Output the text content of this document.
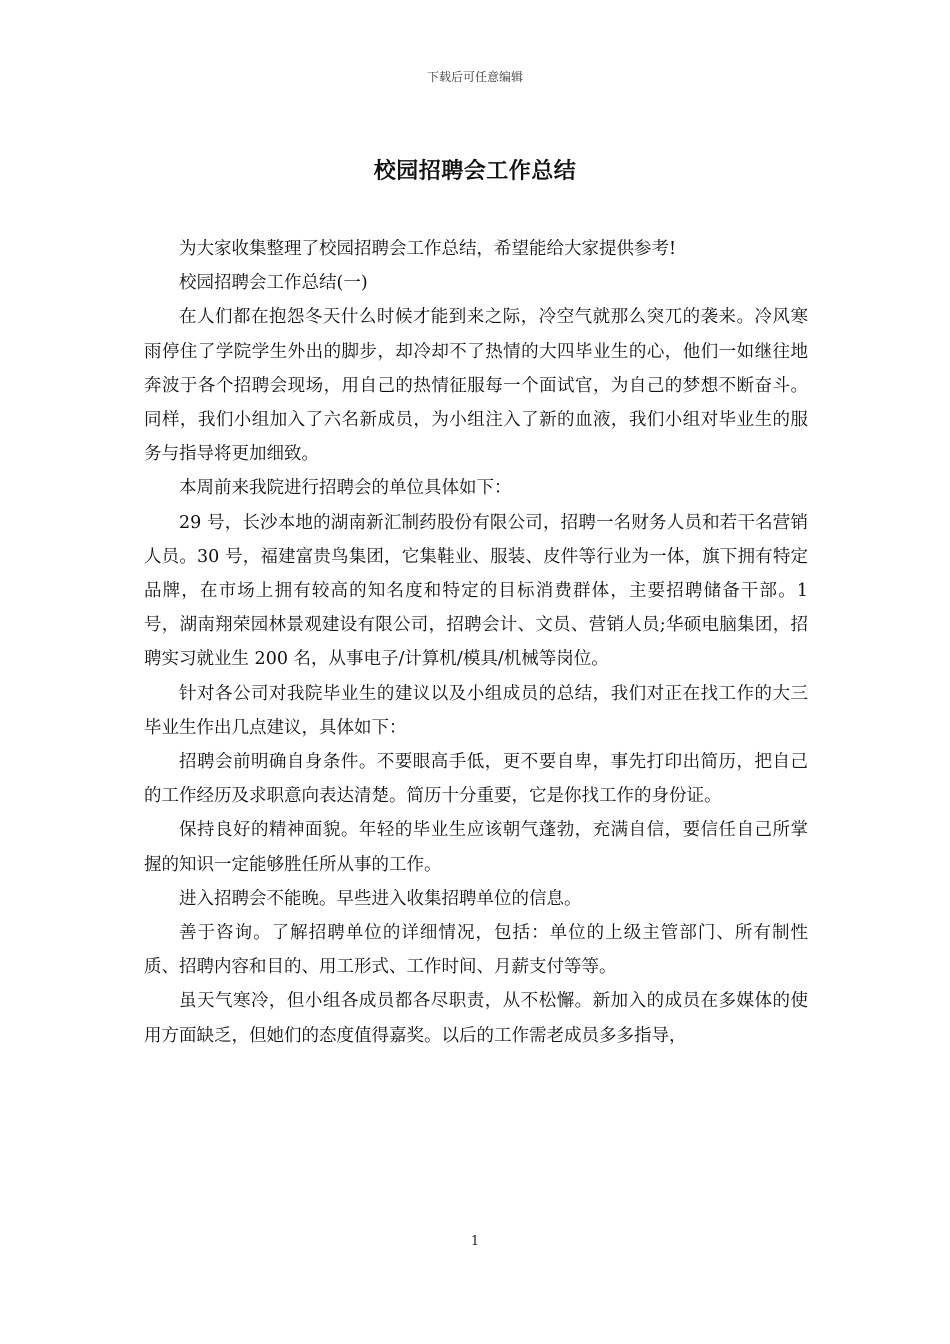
下载后可任意编辑
校园招聘会工作总结

为大家收集整理了校园招聘会工作总结，希望能给大家提供参考!

校园招聘会工作总结(一)

在人们都在抱怨冬天什么时候才能到来之际，冷空气就那么突兀的袭来。冷风寒雨停住了学院学生外出的脚步，却冷却不了热情的大四毕业生的心，他们一如继往地奔波于各个招聘会现场，用自己的热情征服每一个面试官，为自己的梦想不断奋斗。同样，我们小组加入了六名新成员，为小组注入了新的血液，我们小组对毕业生的服务与指导将更加细致。

本周前来我院进行招聘会的单位具体如下：

29 号，长沙本地的湖南新汇制药股份有限公司，招聘一名财务人员和若干名营销人员。30 号，福建富贵鸟集团，它集鞋业、服装、皮件等行业为一体，旗下拥有特定品牌，在市场上拥有较高的知名度和特定的目标消费群体，主要招聘储备干部。1 号，湖南翔荣园林景观建设有限公司，招聘会计、文员、营销人员;华硕电脑集团，招聘实习就业生 200 名，从事电子/计算机/模具/机械等岗位。

针对各公司对我院毕业生的建议以及小组成员的总结，我们对正在找工作的大三毕业生作出几点建议，具体如下：

招聘会前明确自身条件。不要眼高手低，更不要自卑，事先打印出简历，把自己的工作经历及求职意向表达清楚。简历十分重要，它是你找工作的身份证。

保持良好的精神面貌。年轻的毕业生应该朝气蓬勃，充满自信，要信任自己所掌握的知识一定能够胜任所从事的工作。

进入招聘会不能晚。早些进入收集招聘单位的信息。

善于咨询。了解招聘单位的详细情况，包括：单位的上级主管部门、所有制性质、招聘内容和目的、用工形式、工作时间、月薪支付等等。

虽天气寒冷，但小组各成员都各尽职责，从不松懈。新加入的成员在多媒体的使用方面缺乏，但她们的态度值得嘉奖。以后的工作需老成员多多指导，

1
